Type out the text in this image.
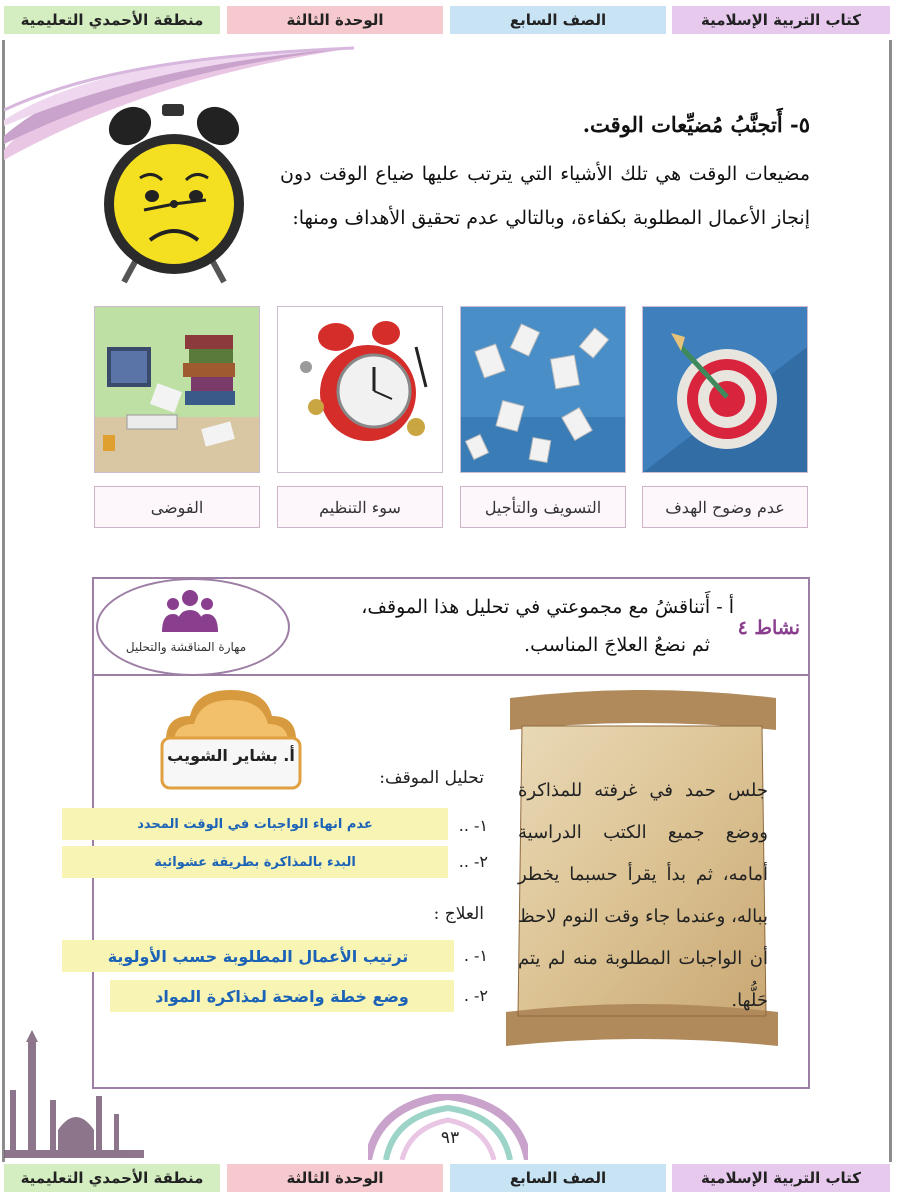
كتاب التربية الإسلامية
الصف السابع
الوحدة الثالثة
منطقة الأحمدي التعليمية
٥- أَتجنَّبُ مُضيِّعات الوقت.
مضيعات الوقت هي تلك الأشياء التي يترتب عليها ضياع الوقت دون إنجاز الأعمال المطلوبة بكفاءة، وبالتالي عدم تحقيق الأهداف ومنها:
عدم وضوح الهدف
التسويف والتأجيل
سوء التنظيم
الفوضى
نشاط ٤
أ - أَتناقشُ مع مجموعتي في تحليل هذا الموقف،
ثم نضعُ العلاجَ المناسب.
مهارة المناقشة والتحليل
جلس حمد في غرفته للمذاكرة ووضع جميع الكتب الدراسية أمامه، ثم بدأ يقرأ حسبما يخطر بباله، وعندما جاء وقت النوم لاحظ أن الواجبات المطلوبة منه لم يتم حَلُّها.
أ. بشاير الشويب
تحليل الموقف:
١- ..
عدم انهاء الواجبات في الوقت المحدد
٢- ..
البدء بالمذاكرة بطريقة عشوائية
العلاج :
١- .
ترتيب الأعمال المطلوبة حسب الأولوية
٢- .
وضع خطة واضحة لمذاكرة المواد
٩٣
كتاب التربية الإسلامية
الصف السابع
الوحدة الثالثة
منطقة الأحمدي التعليمية
